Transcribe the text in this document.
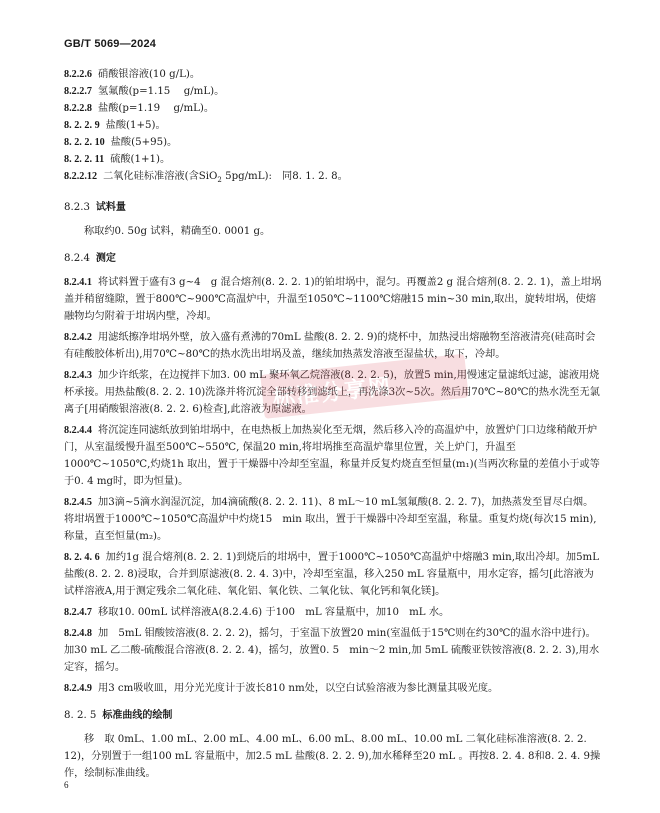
GB/T 5069—2024

8.2.2.6 硝酸银溶液(10 g/L)。

8.2.2.7 氢氟酸(p=1.15　 g/mL)。

8.2.2.8 盐酸(p=1.19　 g/mL)。

8. 2. 2. 9 盐酸(1+5)。

8. 2. 2. 10 盐酸(5+95)。

8. 2. 2. 11 硫酸(1+1)。

8.2.2.12 二氧化硅标准溶液(含SiO$_2$ 5pg/mL):　同8. 1. 2. 8。

8.2.3 试料量

称取约0. 50g 试料，精确至0. 0001 g。

8.2.4 测定

8.2.4.1 将试料置于盛有3 g~4　g 混合熔剂(8. 2. 2. 1)的铂坩埚中，混匀。再覆盖2 g 混合熔剂(8. 2. 2. 1)，盖上坩埚盖并稍留缝隙，置于800℃~900℃高温炉中，升温至1050℃~1100℃熔融15 min~30 min,取出，旋转坩埚，使熔融物均匀附着于坩埚内壁，冷却。

8.2.4.2 用滤纸擦净坩埚外壁，放入盛有煮沸的70mL 盐酸(8. 2. 2. 9)的烧杯中，加热浸出熔融物至溶液清亮(硅高时会有硅酸胶体析出),用70℃~80℃的热水洗出坩埚及盖，继续加热蒸发溶液至湿盐状，取下，冷却。

8.2.4.3 加少许纸浆，在边搅拌下加3. 00 mL 聚环氧乙烷溶液(8. 2. 2. 5)，放置5 min,用慢速定量滤纸过滤，滤液用烧杯承接。用热盐酸(8. 2. 2. 10)洗涤并将沉淀全部转移到滤纸上，再洗涤3次~5次。然后用70℃~80℃的热水洗至无氯离子[用硝酸银溶液(8. 2. 2. 6)检查],此溶液为原滤液。

8.2.4.4 将沉淀连同滤纸放到铂坩埚中，在电热板上加热炭化至无烟，然后移入冷的高温炉中，放置炉门口边缘稍敞开炉门，从室温缓慢升温至500℃~550℃, 保温20 min,将坩埚推至高温炉靠里位置，关上炉门，升温至1000℃~1050℃,灼烧1h 取出，置于干燥器中冷却至室温，称量并反复灼烧直至恒量(m₁)(当两次称量的差值小于或等于0. 4 mg时，即为恒量)。

8.2.4.5 加3滴~5滴水润湿沉淀，加4滴硫酸(8. 2. 2. 11)、8 mL～10 mL氢氟酸(8. 2. 2. 7)，加热蒸发至冒尽白烟。将坩埚置于1000℃~1050℃高温炉中灼烧15　min 取出，置于干燥器中冷却至室温，称量。重复灼烧(每次15 min), 称量，直至恒量(m₂)。

8. 2. 4. 6 加约1g 混合熔剂(8. 2. 2. 1)到烧后的坩埚中，置于1000℃~1050℃高温炉中熔融3 min,取出冷却。加5mL 盐酸(8. 2. 2. 8)浸取，合并到原滤液(8. 2. 4. 3)中，冷却至室温，移入250 mL 容量瓶中，用水定容，摇匀[此溶液为试样溶液A,用于测定残余二氧化硅、氧化铝、氧化铁、二氧化钛、氧化钙和氧化镁]。

8.2.4.7 移取10. 00mL 试样溶液A(8.2.4.6) 于100　mL 容量瓶中，加10　mL 水。

8.2.4.8 加　5mL 钼酸铵溶液(8. 2. 2. 2)，摇匀，于室温下放置20 min(室温低于15℃则在约30℃的温水浴中进行)。加30 mL 乙二酸-硫酸混合溶液(8. 2. 2. 4)，摇匀，放置0. 5　min～2 min,加 5mL 硫酸亚铁铵溶液(8. 2. 2. 3),用水定容，摇匀。

8.2.4.9 用3 cm吸收皿，用分光光度计于波长810 nm处，以空白试验溶液为参比测量其吸光度。

8. 2. 5 标准曲线的绘制

移　取 0mL、1.00 mL、2.00 mL、4.00 mL、6.00 mL、8.00 mL、10.00 mL 二氧化硅标准溶液(8. 2. 2. 12)，分别置于一组100 mL 容量瓶中，加2.5 mL 盐酸(8. 2. 2. 9),加水稀释至20 mL 。再按8. 2. 4. 8和8. 2. 4. 9操作，绘制标准曲线。

标准分享网
6
